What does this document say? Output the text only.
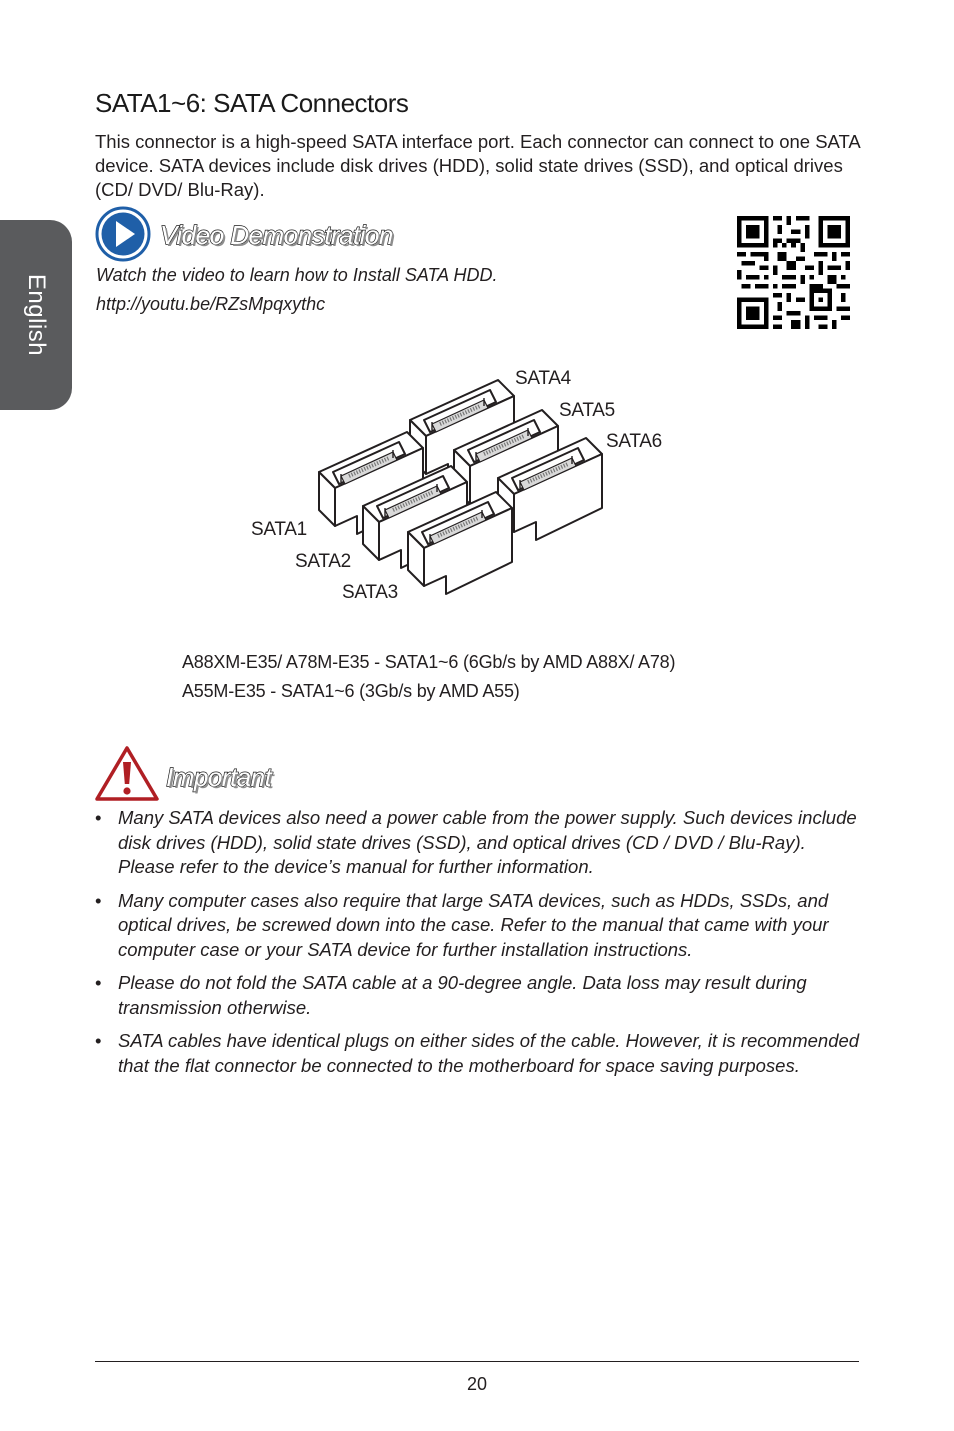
English
SATA1~6: SATA Connectors
This connector is a high-speed SATA interface port. Each connector can connect to one SATA device. SATA devices include disk drives (HDD), solid state drives (SSD), and optical drives (CD/ DVD/ Blu-Ray).
Video Demonstration
Watch the video to learn how to Install SATA HDD.
http://youtu.be/RZsMpqxythc
SATA4
SATA5
SATA6
SATA1
SATA2
SATA3
A88XM-E35/ A78M-E35 - SATA1~6 (6Gb/s by AMD A88X/ A78)
A55M-E35 - SATA1~6 (3Gb/s by AMD A55)
Important
• Many SATA devices also need a power cable from the power supply. Such devices include disk drives (HDD), solid state drives (SSD), and optical drives (CD / DVD / Blu-Ray). Please refer to the device’s manual for further information.
• Many computer cases also require that large SATA devices, such as HDDs, SSDs, and optical drives, be screwed down into the case. Refer to the manual that came with your computer case or your SATA device for further installation instructions.
• Please do not fold the SATA cable at a 90-degree angle. Data loss may result during transmission otherwise.
• SATA cables have identical plugs on either sides of the cable. However, it is recommended that the flat connector be connected to the motherboard for space saving purposes.
20
